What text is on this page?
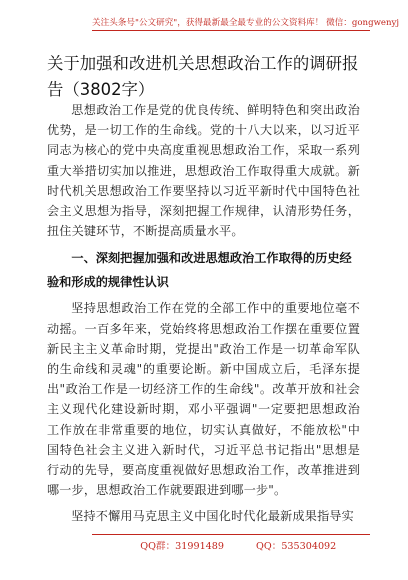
关注头条号"公文研究"，获得最新最全最专业的公文资料库！ 微信：gongwenyj
关于加强和改进机关思想政治工作的调研报告（3802字）

思想政治工作是党的优良传统、鲜明特色和突出政治优势，是一切工作的生命线。党的十八大以来，以习近平同志为核心的党中央高度重视思想政治工作，采取一系列重大举措切实加以推进，思想政治工作取得重大成就。新时代机关思想政治工作要坚持以习近平新时代中国特色社会主义思想为指导，深刻把握工作规律，认清形势任务，扭住关键环节，不断提高质量水平。

一、深刻把握加强和改进思想政治工作取得的历史经验和形成的规律性认识

坚持思想政治工作在党的全部工作中的重要地位毫不动摇。一百多年来，党始终将思想政治工作摆在重要位置新民主主义革命时期，党提出"政治工作是一切革命军队的生命线和灵魂"的重要论断。新中国成立后，毛泽东提出"政治工作是一切经济工作的生命线"。改革开放和社会主义现代化建设新时期，邓小平强调"一定要把思想政治工作放在非常重要的地位，切实认真做好，不能放松"中国特色社会主义进入新时代，习近平总书记指出"思想是行动的先导，要高度重视做好思想政治工作，改革推进到哪一步，思想政治工作就要跟进到哪一步"。

坚持不懈用马克思主义中国化时代化最新成果指导实

QQ群：31991489	QQ：535304092
